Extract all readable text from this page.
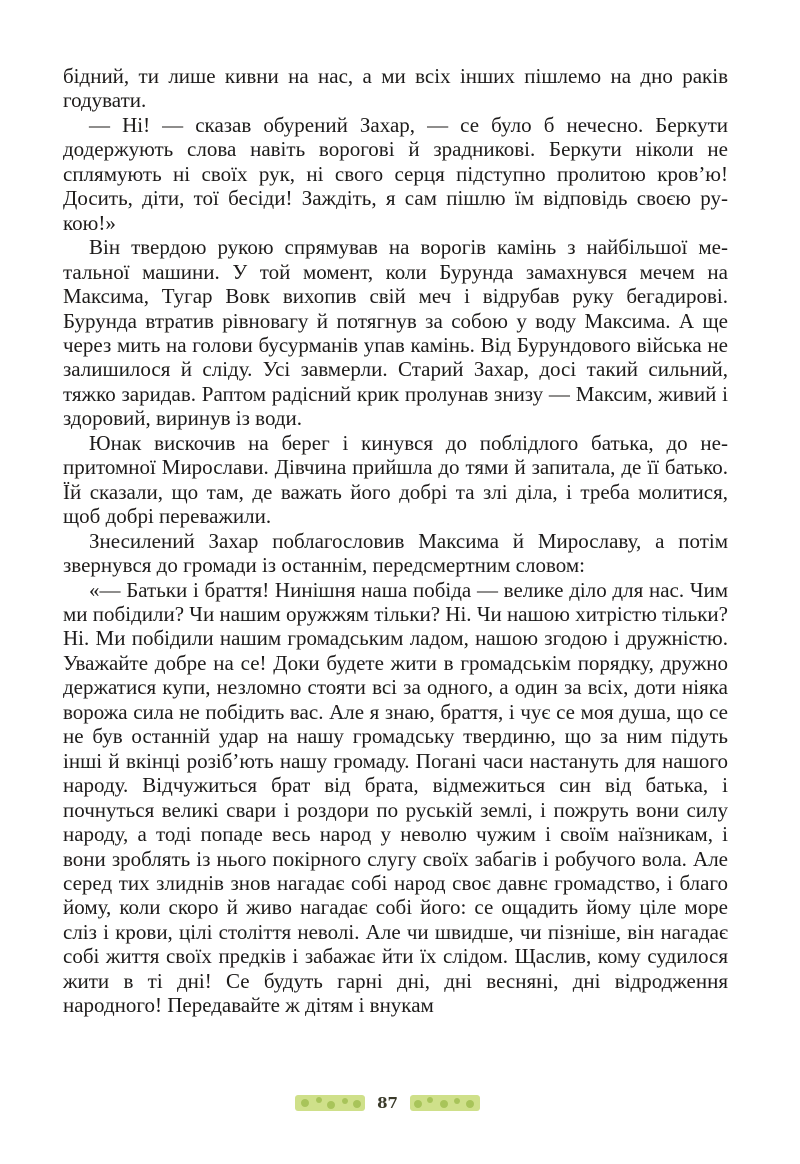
бідний, ти лише кивни на нас, а ми всіх інших пішлемо на дно раків годувати.

— Ні! — сказав обурений Захар, — се було б нечесно. Беркути додержують слова навіть ворогові й зрадникові. Беркути ніколи не сплямують ні своїх рук, ні свого серця підступно пролитою кров’ю! Досить, діти, тої бесіди! Заждіть, я сам пішлю їм відповідь своєю рукою!»

Він твердою рукою спрямував на ворогів камінь з найбільшої метальної машини. У той момент, коли Бурунда замахнувся мечем на Максима, Тугар Вовк вихопив свій меч і відрубав руку бегадирові. Бурунда втратив рівновагу й потягнув за собою у воду Максима. А ще через мить на голови бусурманів упав камінь. Від Бурундового війська не залишилося й сліду. Усі завмерли. Старий Захар, досі такий сильний, тяжко заридав. Раптом радісний крик пролунав знизу — Максим, живий і здоровий, виринув із води.

Юнак вискочив на берег і кинувся до поблідлого батька, до непритомної Мирослави. Дівчина прийшла до тями й запитала, де її батько. Їй сказали, що там, де важать його добрі та злі діла, і треба молитися, щоб добрі переважили.

Знесилений Захар поблагословив Максима й Мирославу, а потім звернувся до громади із останнім, передсмертним словом:

«— Батьки і браття! Нинішня наша побіда — велике діло для нас. Чим ми побідили? Чи нашим оружжям тільки? Ні. Чи нашою хитрістю тільки? Ні. Ми побідили нашим громадським ладом, нашою згодою і дружністю. Уважайте добре на се! Доки будете жити в громадськім порядку, дружно держатися купи, незломно стояти всі за одного, а один за всіх, доти ніяка ворожа сила не побідить вас. Але я знаю, браття, і чує се моя душа, що се не був останній удар на нашу громадську твердиню, що за ним підуть інші й вкінці розіб’ють нашу громаду. Погані часи настануть для нашого народу. Відчужиться брат від брата, відмежиться син від батька, і почнуться великі свари і роздори по руській землі, і пожруть вони силу народу, а тоді попаде весь народ у неволю чужим і своїм наїзникам, і вони зроблять із нього покірного слугу своїх забагів і робучого вола. Але серед тих злиднів знов нагадає собі народ своє давнє громадство, і благо йому, коли скоро й живо нагадає собі його: се ощадить йому ціле море сліз і крови, цілі століття неволі. Але чи швидше, чи пізніше, він нагадає собі життя своїх предків і забажає йти їх слідом. Щаслив, кому судилося жити в ті дні! Се будуть гарні дні, дні весняні, дні відродження народного! Передавайте ж дітям і внукам

87
